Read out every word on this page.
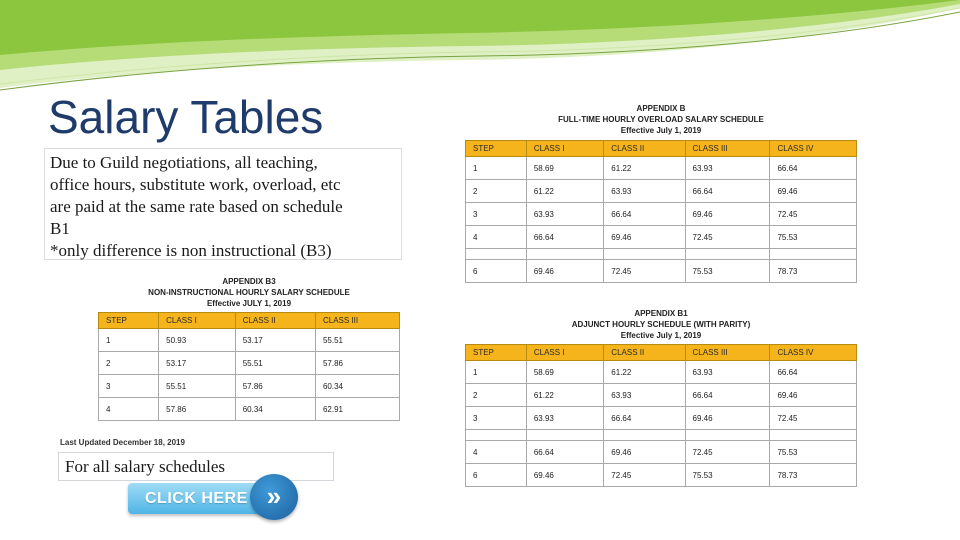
Salary Tables
Due to Guild negotiations, all teaching,
office hours, substitute work, overload, etc
are paid at the same rate based on schedule
B1
*only difference is non instructional (B3)
APPENDIX B
FULL-TIME HOURLY OVERLOAD SALARY SCHEDULE
Effective July 1, 2019
STEP	CLASS I	CLASS II	CLASS III	CLASS IV
1	58.69	61.22	63.93	66.64
2	61.22	63.93	66.64	69.46
3	63.93	66.64	69.46	72.45
4	66.64	69.46	72.45	75.53

6	69.46	72.45	75.53	78.73
APPENDIX B3
NON-INSTRUCTIONAL HOURLY SALARY SCHEDULE
Effective JULY 1, 2019
STEP	CLASS I	CLASS II	CLASS III
1	50.93	53.17	55.51
2	53.17	55.51	57.86
3	55.51	57.86	60.34
4	57.86	60.34	62.91
APPENDIX B1
ADJUNCT HOURLY SCHEDULE (WITH PARITY)
Effective July 1, 2019
STEP	CLASS I	CLASS II	CLASS III	CLASS IV
1	58.69	61.22	63.93	66.64
2	61.22	63.93	66.64	69.46
3	63.93	66.64	69.46	72.45

4	66.64	69.46	72.45	75.53
6	69.46	72.45	75.53	78.73
Last Updated December 18, 2019
For all salary schedules
CLICK HERE »
